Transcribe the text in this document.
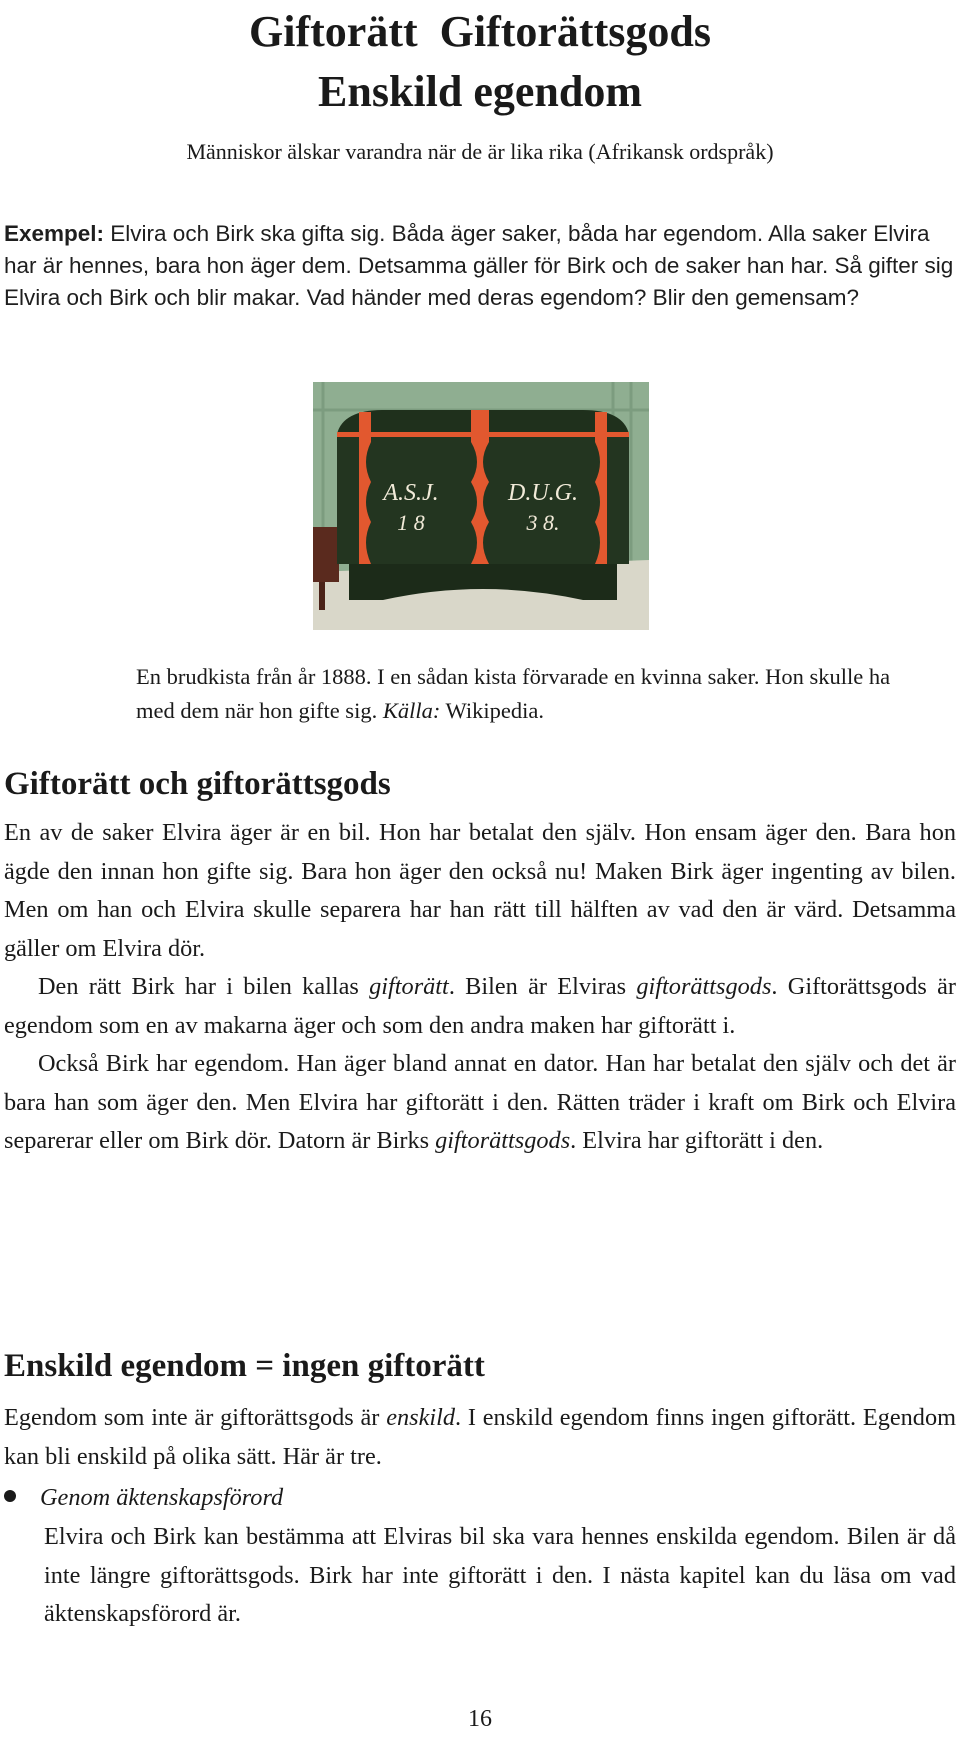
Giftorätt Giftorättsgods
Enskild egendom
Människor älskar varandra när de är lika rika (Afrikansk ordspråk)
Exempel: Elvira och Birk ska gifta sig. Båda äger saker, båda har egendom. Alla saker Elvira har är hennes, bara hon äger dem. Detsamma gäller för Birk och de saker han har. Så gifter sig Elvira och Birk och blir makar. Vad händer med deras egendom? Blir den gemensam?
A.S.J.	D.U.G.
1 8	3 8.
En brudkista från år 1888. I en sådan kista förvarade en kvinna saker. Hon skulle ha med dem när hon gifte sig. Källa: Wikipedia.
Giftorätt och giftorättsgods

En av de saker Elvira äger är en bil. Hon har betalat den själv. Hon ensam äger den. Bara hon ägde den innan hon gifte sig. Bara hon äger den också nu! Maken Birk äger ingenting av bilen. Men om han och Elvira skulle separera har han rätt till hälften av vad den är värd. Detsamma gäller om Elvira dör.

Den rätt Birk har i bilen kallas giftorätt. Bilen är Elviras giftorättsgods. Giftorättsgods är egendom som en av makarna äger och som den andra maken har giftorätt i.

Också Birk har egendom. Han äger bland annat en dator. Han har betalat den själv och det är bara han som äger den. Men Elvira har giftorätt i den. Rätten träder i kraft om Birk och Elvira separerar eller om Birk dör. Datorn är Birks giftorättsgods. Elvira har giftorätt i den.

Enskild egendom = ingen giftorätt

Egendom som inte är giftorättsgods är enskild. I enskild egendom finns ingen giftorätt. Egendom kan bli enskild på olika sätt. Här är tre.

Genom äktenskapsförord
Elvira och Birk kan bestämma att Elviras bil ska vara hennes enskilda egendom. Bilen är då inte längre giftorättsgods. Birk har inte giftorätt i den. I nästa kapitel kan du läsa om vad äktenskapsförord är.
16
